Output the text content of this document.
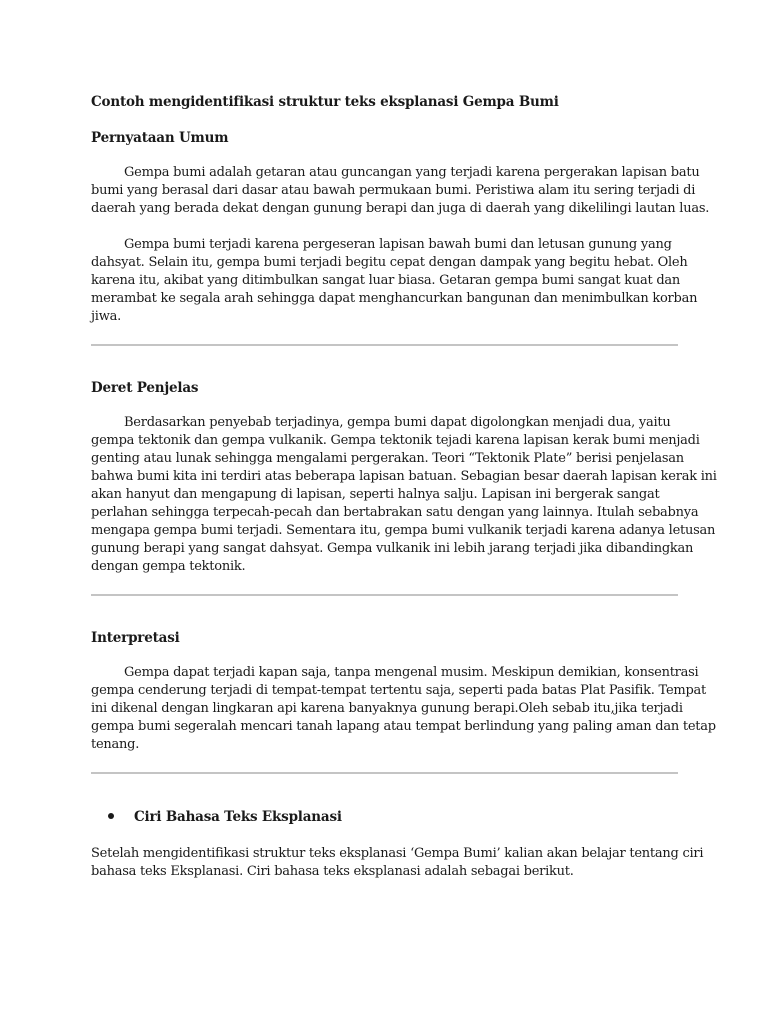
Contoh mengidentifikasi struktur teks eksplanasi Gempa Bumi
Pernyataan Umum
Gempa bumi adalah getaran atau guncangan yang terjadi karena pergerakan lapisan batu
bumi yang berasal dari dasar atau bawah permukaan bumi. Peristiwa alam itu sering terjadi di
daerah yang berada dekat dengan gunung berapi dan juga di daerah yang dikelilingi lautan luas.
Gempa bumi terjadi karena pergeseran lapisan bawah bumi dan letusan gunung yang
dahsyat. Selain itu, gempa bumi terjadi begitu cepat dengan dampak yang begitu hebat. Oleh
karena itu, akibat yang ditimbulkan sangat luar biasa. Getaran gempa bumi sangat kuat dan
merambat ke segala arah sehingga dapat menghancurkan bangunan dan menimbulkan korban
jiwa.
Deret Penjelas
Berdasarkan penyebab terjadinya, gempa bumi dapat digolongkan menjadi dua, yaitu
gempa tektonik dan gempa vulkanik. Gempa tektonik tejadi karena lapisan kerak bumi menjadi
genting atau lunak sehingga mengalami pergerakan. Teori “Tektonik Plate” berisi penjelasan
bahwa bumi kita ini terdiri atas beberapa lapisan batuan. Sebagian besar daerah lapisan kerak ini
akan hanyut dan mengapung di lapisan, seperti halnya salju. Lapisan ini bergerak sangat
perlahan sehingga terpecah-pecah dan bertabrakan satu dengan yang lainnya. Itulah sebabnya
mengapa gempa bumi terjadi. Sementara itu, gempa bumi vulkanik terjadi karena adanya letusan
gunung berapi yang sangat dahsyat. Gempa vulkanik ini lebih jarang terjadi jika dibandingkan
dengan gempa tektonik.
Interpretasi
Gempa dapat terjadi kapan saja, tanpa mengenal musim. Meskipun demikian, konsentrasi
gempa cenderung terjadi di tempat-tempat tertentu saja, seperti pada batas Plat Pasifik. Tempat
ini dikenal dengan lingkaran api karena banyaknya gunung berapi.Oleh sebab itu,jika terjadi
gempa bumi segeralah mencari tanah lapang atau tempat berlindung yang paling aman dan tetap
tenang.
Ciri Bahasa Teks Eksplanasi
Setelah mengidentifikasi struktur teks eksplanasi ‘Gempa Bumi’ kalian akan belajar tentang ciri
bahasa teks Eksplanasi. Ciri bahasa teks eksplanasi adalah sebagai berikut.
